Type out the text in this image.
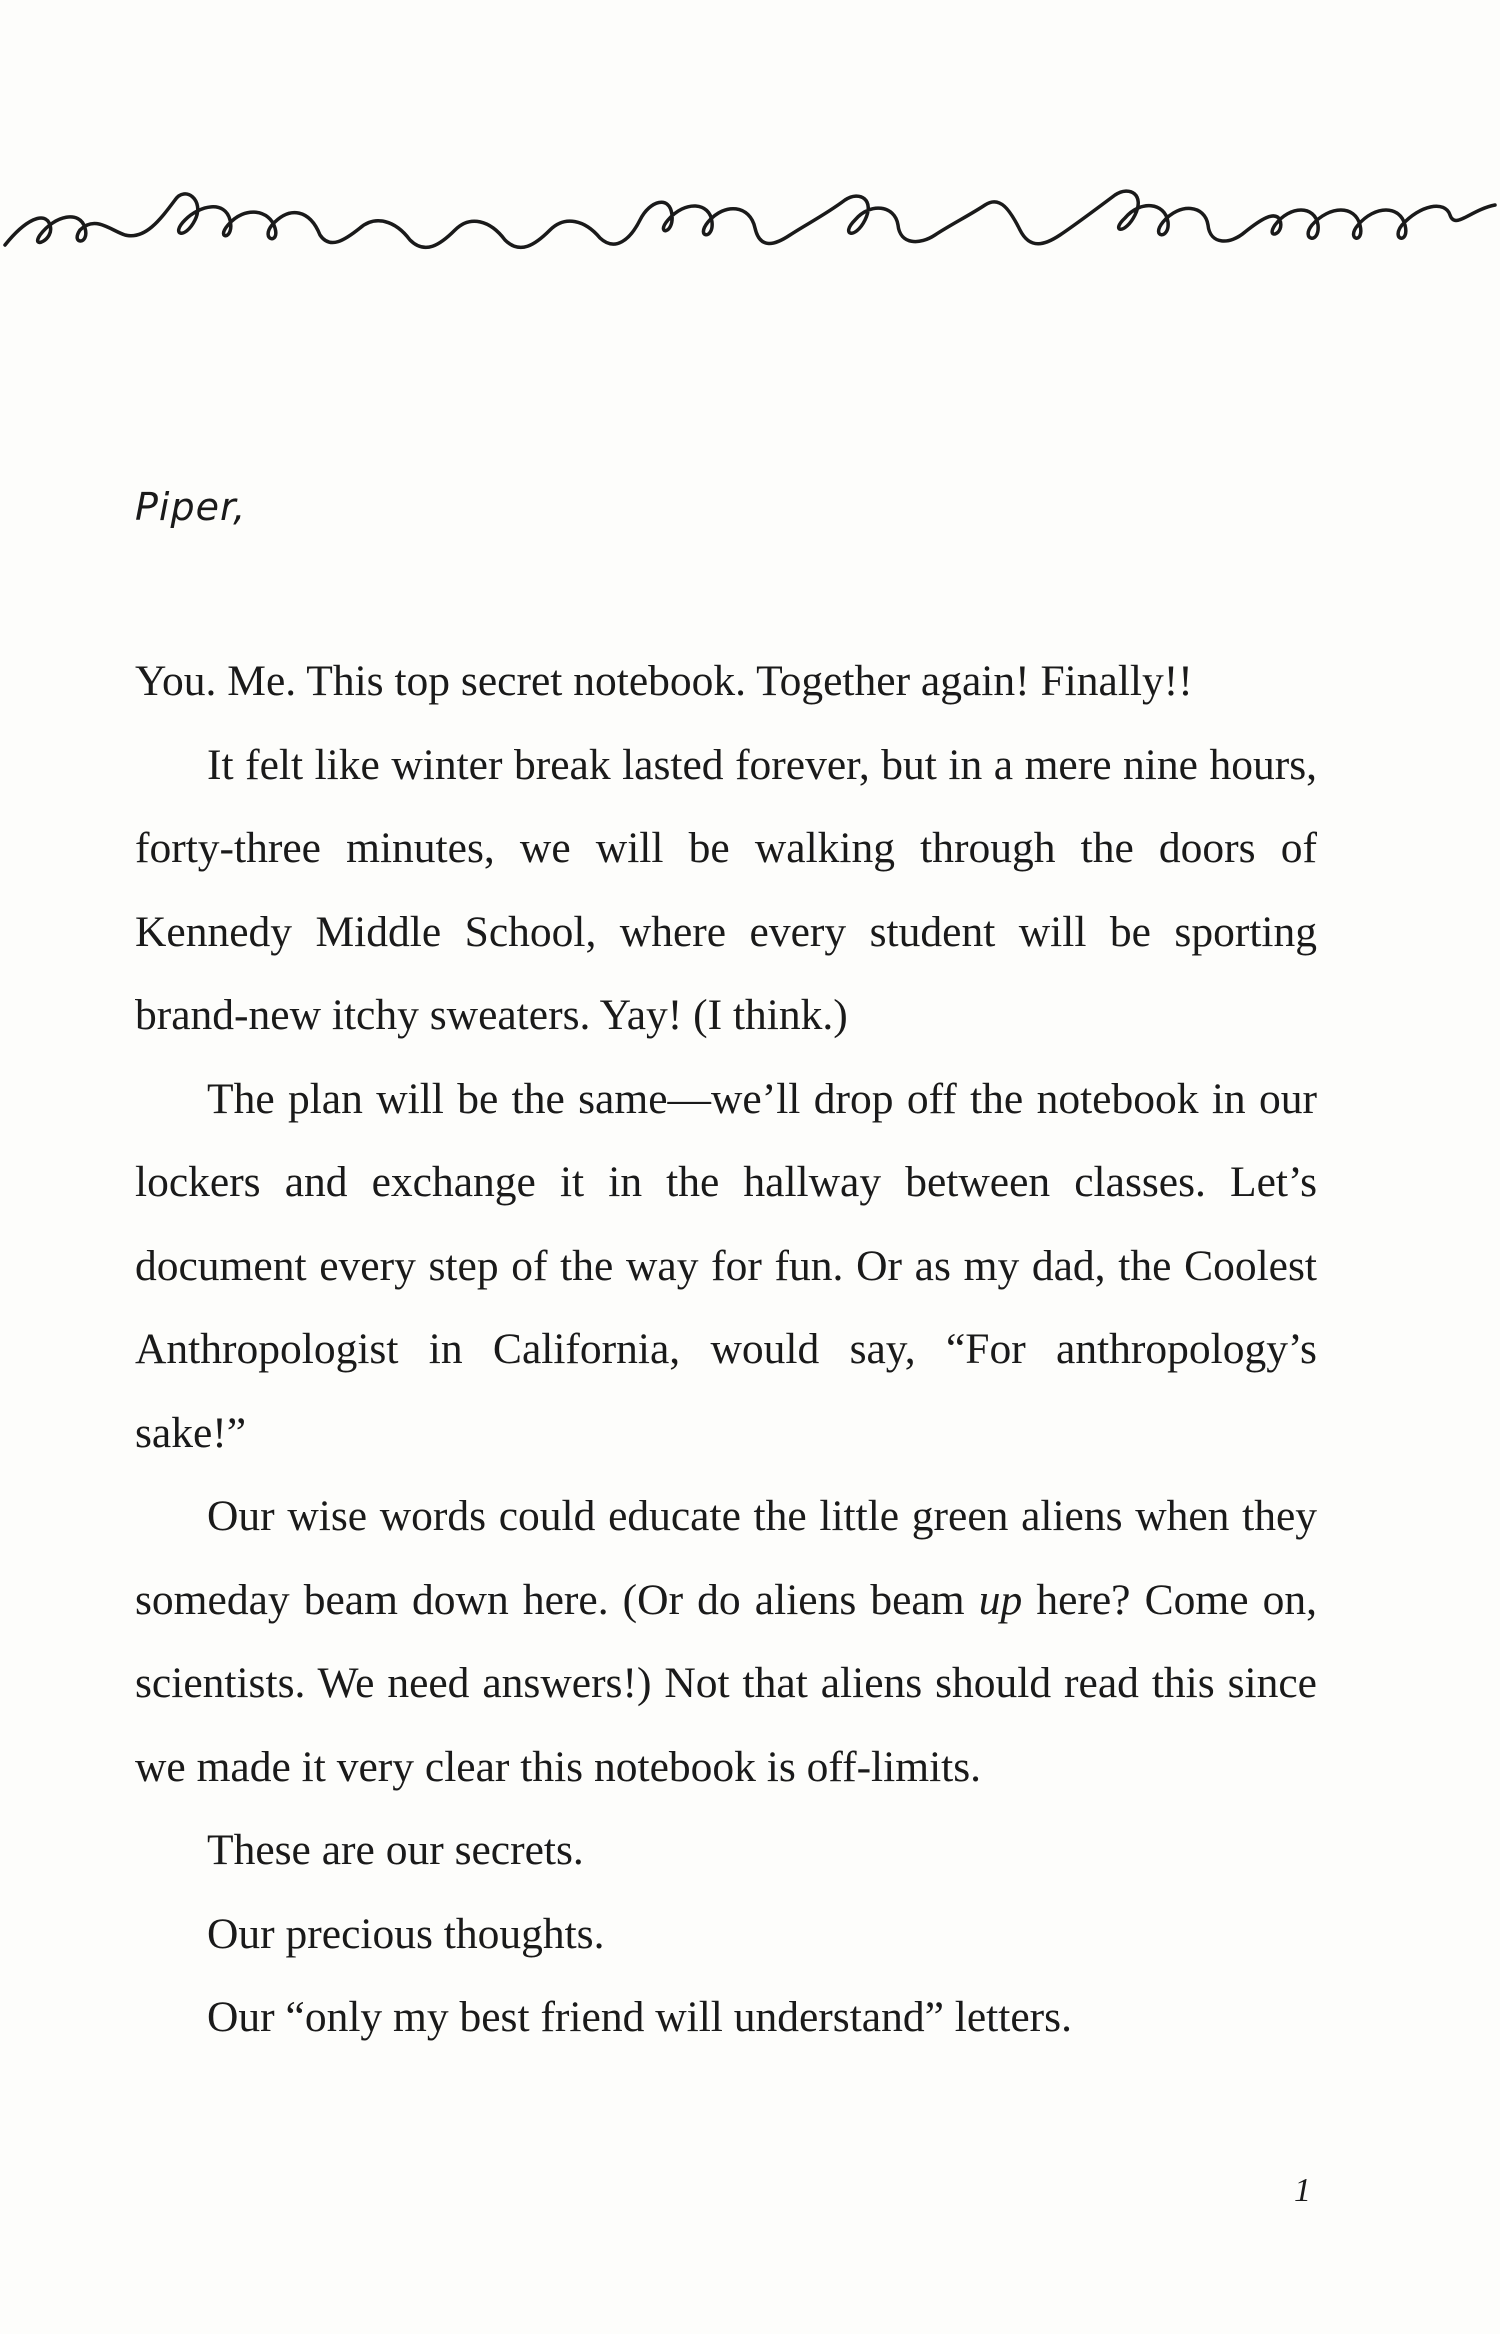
Piper,

You. Me. This top secret notebook. Together again! Finally!!

It felt like winter break lasted forever, but in a mere nine hours, forty-three minutes, we will be walking through the doors of Kennedy Middle School, where every student will be sporting brand-new itchy sweaters. Yay! (I think.)

The plan will be the same—we’ll drop off the notebook in our lockers and exchange it in the hallway between classes. Let’s document every step of the way for fun. Or as my dad, the Coolest Anthropologist in California, would say, “For anthropology’s sake!”

Our wise words could educate the little green aliens when they someday beam down here. (Or do aliens beam up here? Come on, scientists. We need answers!) Not that aliens should read this since we made it very clear this notebook is off-limits.

These are our secrets.

Our precious thoughts.

Our “only my best friend will understand” letters.

1
